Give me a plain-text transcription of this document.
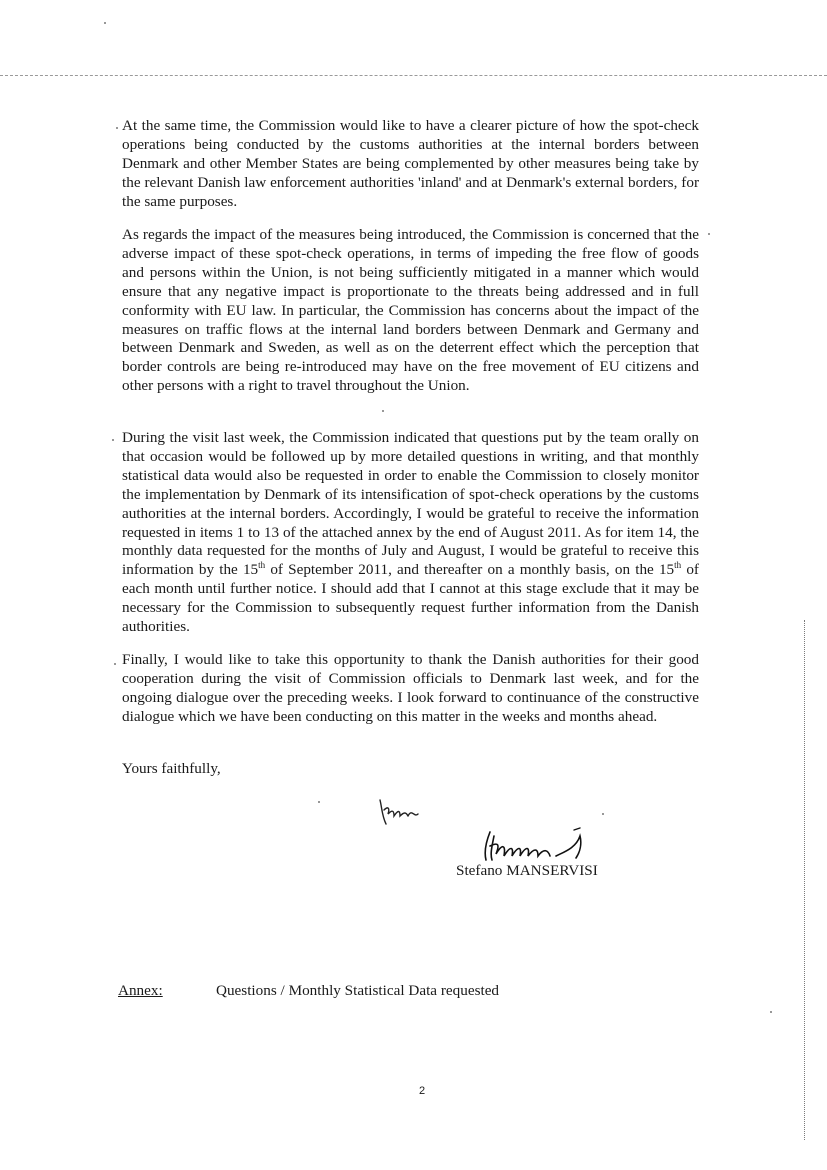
At the same time, the Commission would like to have a clearer picture of how the spot-check operations being conducted by the customs authorities at the internal borders between Denmark and other Member States are being complemented by other measures being take by the relevant Danish law enforcement authorities 'inland' and at Denmark's external borders, for the same purposes.

As regards the impact of the measures being introduced, the Commission is concerned that the adverse impact of these spot-check operations, in terms of impeding the free flow of goods and persons within the Union, is not being sufficiently mitigated in a manner which would ensure that any negative impact is proportionate to the threats being addressed and in full conformity with EU law. In particular, the Commission has concerns about the impact of the measures on traffic flows at the internal land borders between Denmark and Germany and between Denmark and Sweden, as well as on the deterrent effect which the perception that border controls are being re-introduced may have on the free movement of EU citizens and other persons with a right to travel throughout the Union.

During the visit last week, the Commission indicated that questions put by the team orally on that occasion would be followed up by more detailed questions in writing, and that monthly statistical data would also be requested in order to enable the Commission to closely monitor the implementation by Denmark of its intensification of spot-check operations by the customs authorities at the internal borders. Accordingly, I would be grateful to receive the information requested in items 1 to 13 of the attached annex by the end of August 2011. As for item 14, the monthly data requested for the months of July and August, I would be grateful to receive this information by the 15th of September 2011, and thereafter on a monthly basis, on the 15th of each month until further notice. I should add that I cannot at this stage exclude that it may be necessary for the Commission to subsequently request further information from the Danish authorities.

Finally, I would like to take this opportunity to thank the Danish authorities for their good cooperation during the visit of Commission officials to Denmark last week, and for the ongoing dialogue over the preceding weeks. I look forward to continuance of the constructive dialogue which we have been conducting on this matter in the weeks and months ahead.

Yours faithfully,
Stefano MANSERVISI
Annex:	Questions / Monthly Statistical Data requested
2
